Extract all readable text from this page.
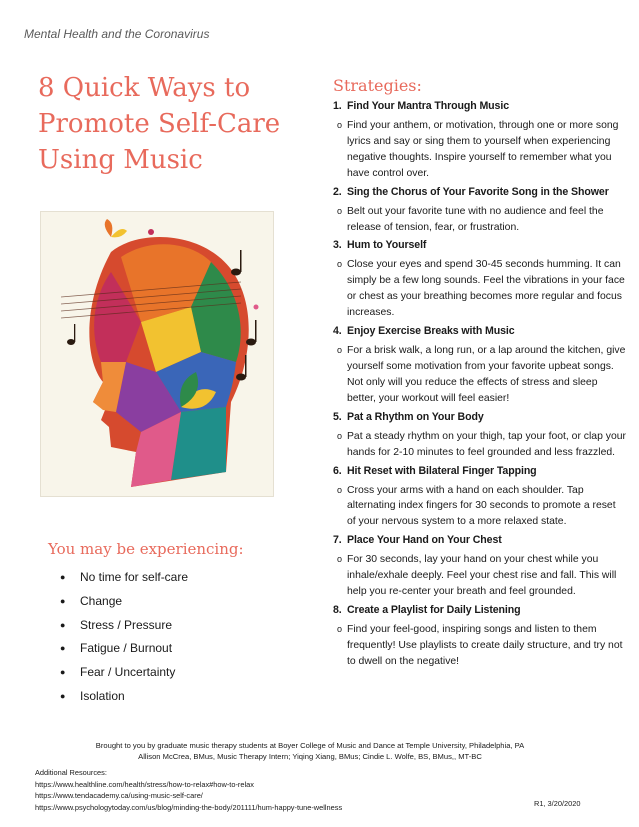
Mental Health and the Coronavirus
8 Quick Ways to Promote Self-Care Using Music
You may be experiencing:
● No time for self-care
● Change
● Stress / Pressure
● Fatigue / Burnout
● Fear / Uncertainty
● Isolation
Strategies:
1. Find Your Mantra Through Music
o Find your anthem, or motivation, through one or more song lyrics and say or sing them to yourself when experiencing negative thoughts. Inspire yourself to remember what you have control over.
2. Sing the Chorus of Your Favorite Song in the Shower
o Belt out your favorite tune with no audience and feel the release of tension, fear, or frustration.
3. Hum to Yourself
o Close your eyes and spend 30-45 seconds humming. It can simply be a few long sounds. Feel the vibrations in your face or chest as your breathing becomes more regular and focus increases.
4. Enjoy Exercise Breaks with Music
o For a brisk walk, a long run, or a lap around the kitchen, give yourself some motivation from your favorite upbeat songs. Not only will you reduce the effects of stress and sleep better, your workout will feel easier!
5. Pat a Rhythm on Your Body
o Pat a steady rhythm on your thigh, tap your foot, or clap your hands for 2-10 minutes to feel grounded and less frazzled.
6. Hit Reset with Bilateral Finger Tapping
o Cross your arms with a hand on each shoulder. Tap alternating index fingers for 30 seconds to promote a reset of your nervous system to a more relaxed state.
7. Place Your Hand on Your Chest
o For 30 seconds, lay your hand on your chest while you inhale/exhale deeply. Feel your chest rise and fall. This will help you re-center your breath and feel grounded.
8. Create a Playlist for Daily Listening
o Find your feel-good, inspiring songs and listen to them frequently! Use playlists to create daily structure, and try not to dwell on the negative!
Brought to you by graduate music therapy students at Boyer College of Music and Dance at Temple University, Philadelphia, PA
Allison McCrea, BMus, Music Therapy Intern; Yiqing Xiang, BMus; Cindie L. Wolfe, BS, BMus,, MT-BC
Additional Resources:
https://www.healthline.com/health/stress/how-to-relax#how-to-relax
https://www.tendacademy.ca/using-music-self-care/
https://www.psychologytoday.com/us/blog/minding-the-body/201111/hum-happy-tune-wellness	R1, 3/20/2020
